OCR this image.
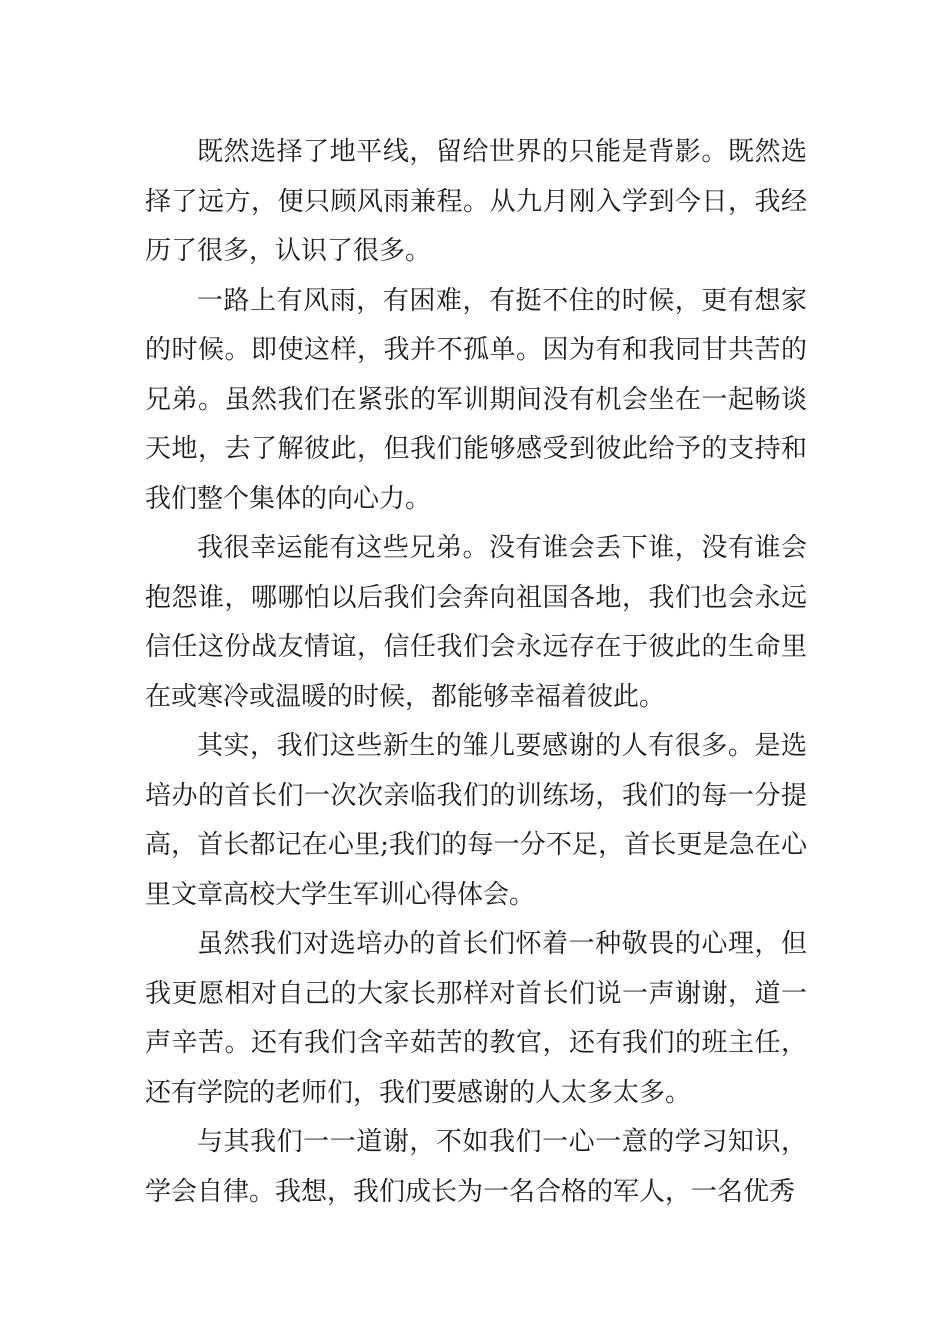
既然选择了地平线，留给世界的只能是背影。既然选择了远方，便只顾风雨兼程。从九月刚入学到今日，我经历了很多，认识了很多。

一路上有风雨，有困难，有挺不住的时候，更有想家的时候。即使这样，我并不孤单。因为有和我同甘共苦的兄弟。虽然我们在紧张的军训期间没有机会坐在一起畅谈天地，去了解彼此，但我们能够感受到彼此给予的支持和我们整个集体的向心力。

我很幸运能有这些兄弟。没有谁会丢下谁，没有谁会抱怨谁，哪哪怕以后我们会奔向祖国各地，我们也会永远信任这份战友情谊，信任我们会永远存在于彼此的生命里在或寒冷或温暖的时候，都能够幸福着彼此。

其实，我们这些新生的雏儿要感谢的人有很多。是选培办的首长们一次次亲临我们的训练场，我们的每一分提高，首长都记在心里;我们的每一分不足，首长更是急在心里文章高校大学生军训心得体会。

虽然我们对选培办的首长们怀着一种敬畏的心理，但我更愿相对自己的大家长那样对首长们说一声谢谢，道一声辛苦。还有我们含辛茹苦的教官，还有我们的班主任，还有学院的老师们，我们要感谢的人太多太多。

与其我们一一道谢，不如我们一心一意的学习知识，学会自律。我想，我们成长为一名合格的军人，一名优秀
